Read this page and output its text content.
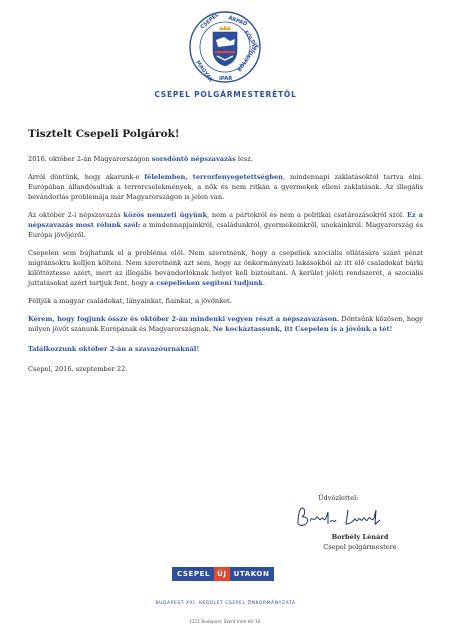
CSEPEL ÁRPÁD
FÖLDJE
MAGYAR IPAR
BÖLCSŐJE
CSEPEL POLGÁRMESTERÉTŐL
Tisztelt Csepeli Polgárok!
2016. október 2-án Magyarországon sorsdöntő népszavazás lesz.
Arról döntünk, hogy akarunk-e félelemben, terrorfenyegetettségben, mindennapi zaklatásoktól tartva élni. Európában állandósultak a terrorcselekmények, a nők és nem ritkán a gyermekek elleni zaklatások. Az illegális bevándorlás problémája már Magyarországon is jelen van.
Az október 2-i népszavazás közös nemzeti ügyünk, nem a pártokról és nem a politikai csatározásokról szól. Ez a népszavazás most rólunk szól: a mindennapjainkról, családunkról, gyermekeinkről, unokáinkról. Magyarország és Európa jövőjéről.
Csepelen sem bújhatunk el a probléma elől. Nem szeretnénk, hogy a csepeliek szociális ellátására szánt pénzt migránsokra kelljen költeni. Nem szeretnénk azt sem, hogy az önkormányzati lakásokból az itt élő csaladokat bárki kilöttöztesse azért, mert az illegális bevándorlóknak helyet kell biztosítani. A kerület jóléti rendszerét, a szociális juttatásokat azért tartjuk fent, hogy a csepelieken segítení tudjunk.
Féltjük a magyar családokat, lányainkat, fiainkat, a jövőnket.
Kérem, hogy fogjunk össze és október 2-án mindenki vegyen részt a népszavazáson. Döntsünk közösen, hogy milyen jövőt szánunk Európának és Magyarországnak. Ne kockáztassunk, itt Csepelen is a jövőnk a tét!
Találkozzunk október 2-án a szavazóurnáknál!
Csepel, 2016. szeptember 22.
Üdvözlettel:
Borbély Lénárd
Csepel polgármestere
CSEPEL	ÚJ	UTAKON
BUDAPEST XXI. KERÜLET CSEPEL ÖNKORMÁNYZATA
1211 Budapest, Szent Imre tér 10.
